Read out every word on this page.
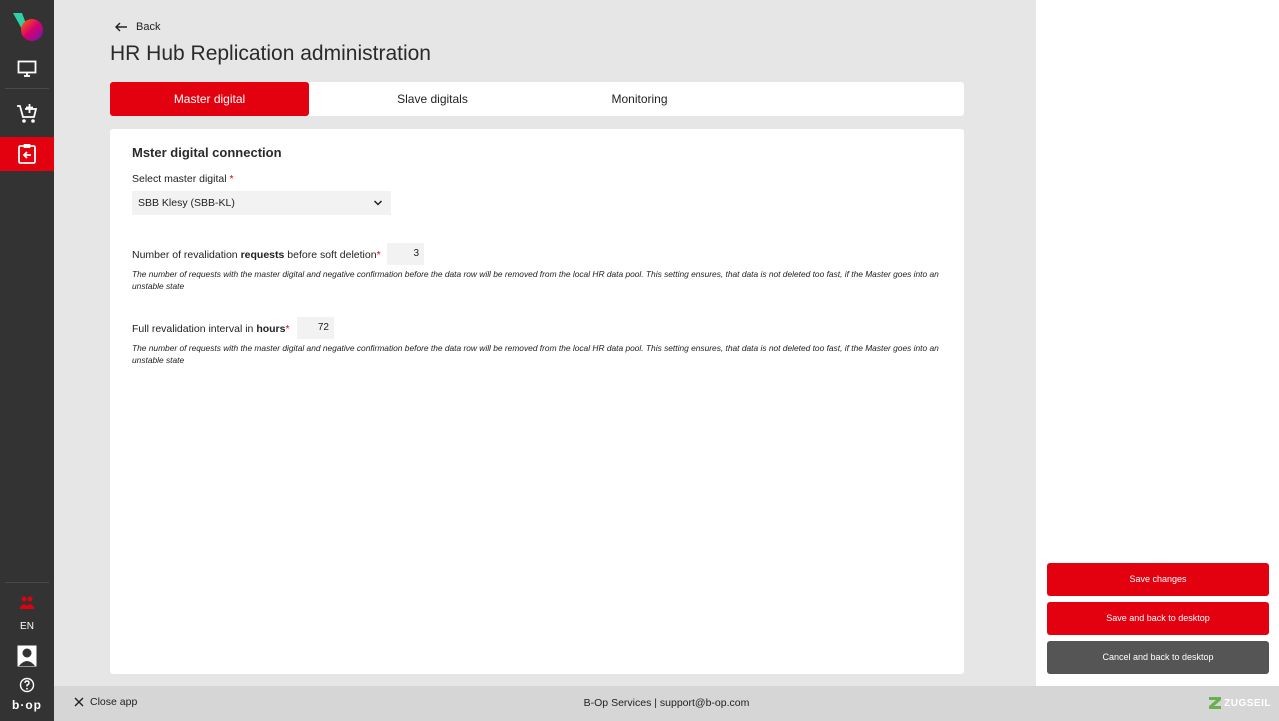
EN
b·op
Back
HR Hub Replication administration
Master digital	Slave digitals	Monitoring
Mster digital connection
Select master digital *
SBB Klesy (SBB-KL)
Number of revalidation requests before soft deletion*
3
The number of requests with the master digital and negative confirmation before the data row will be removed from the local HR data pool. This setting ensures, that data is not deleted too fast, if the Master goes into an unstable state
Full revalidation interval in hours*
72
The number of requests with the master digital and negative confirmation before the data row will be removed from the local HR data pool. This setting ensures, that data is not deleted too fast, if the Master goes into an unstable state
Save changes
Save and back to desktop
Cancel and back to desktop
Close app	B-Op Services | support@b-op.com	ZUGSEIL
